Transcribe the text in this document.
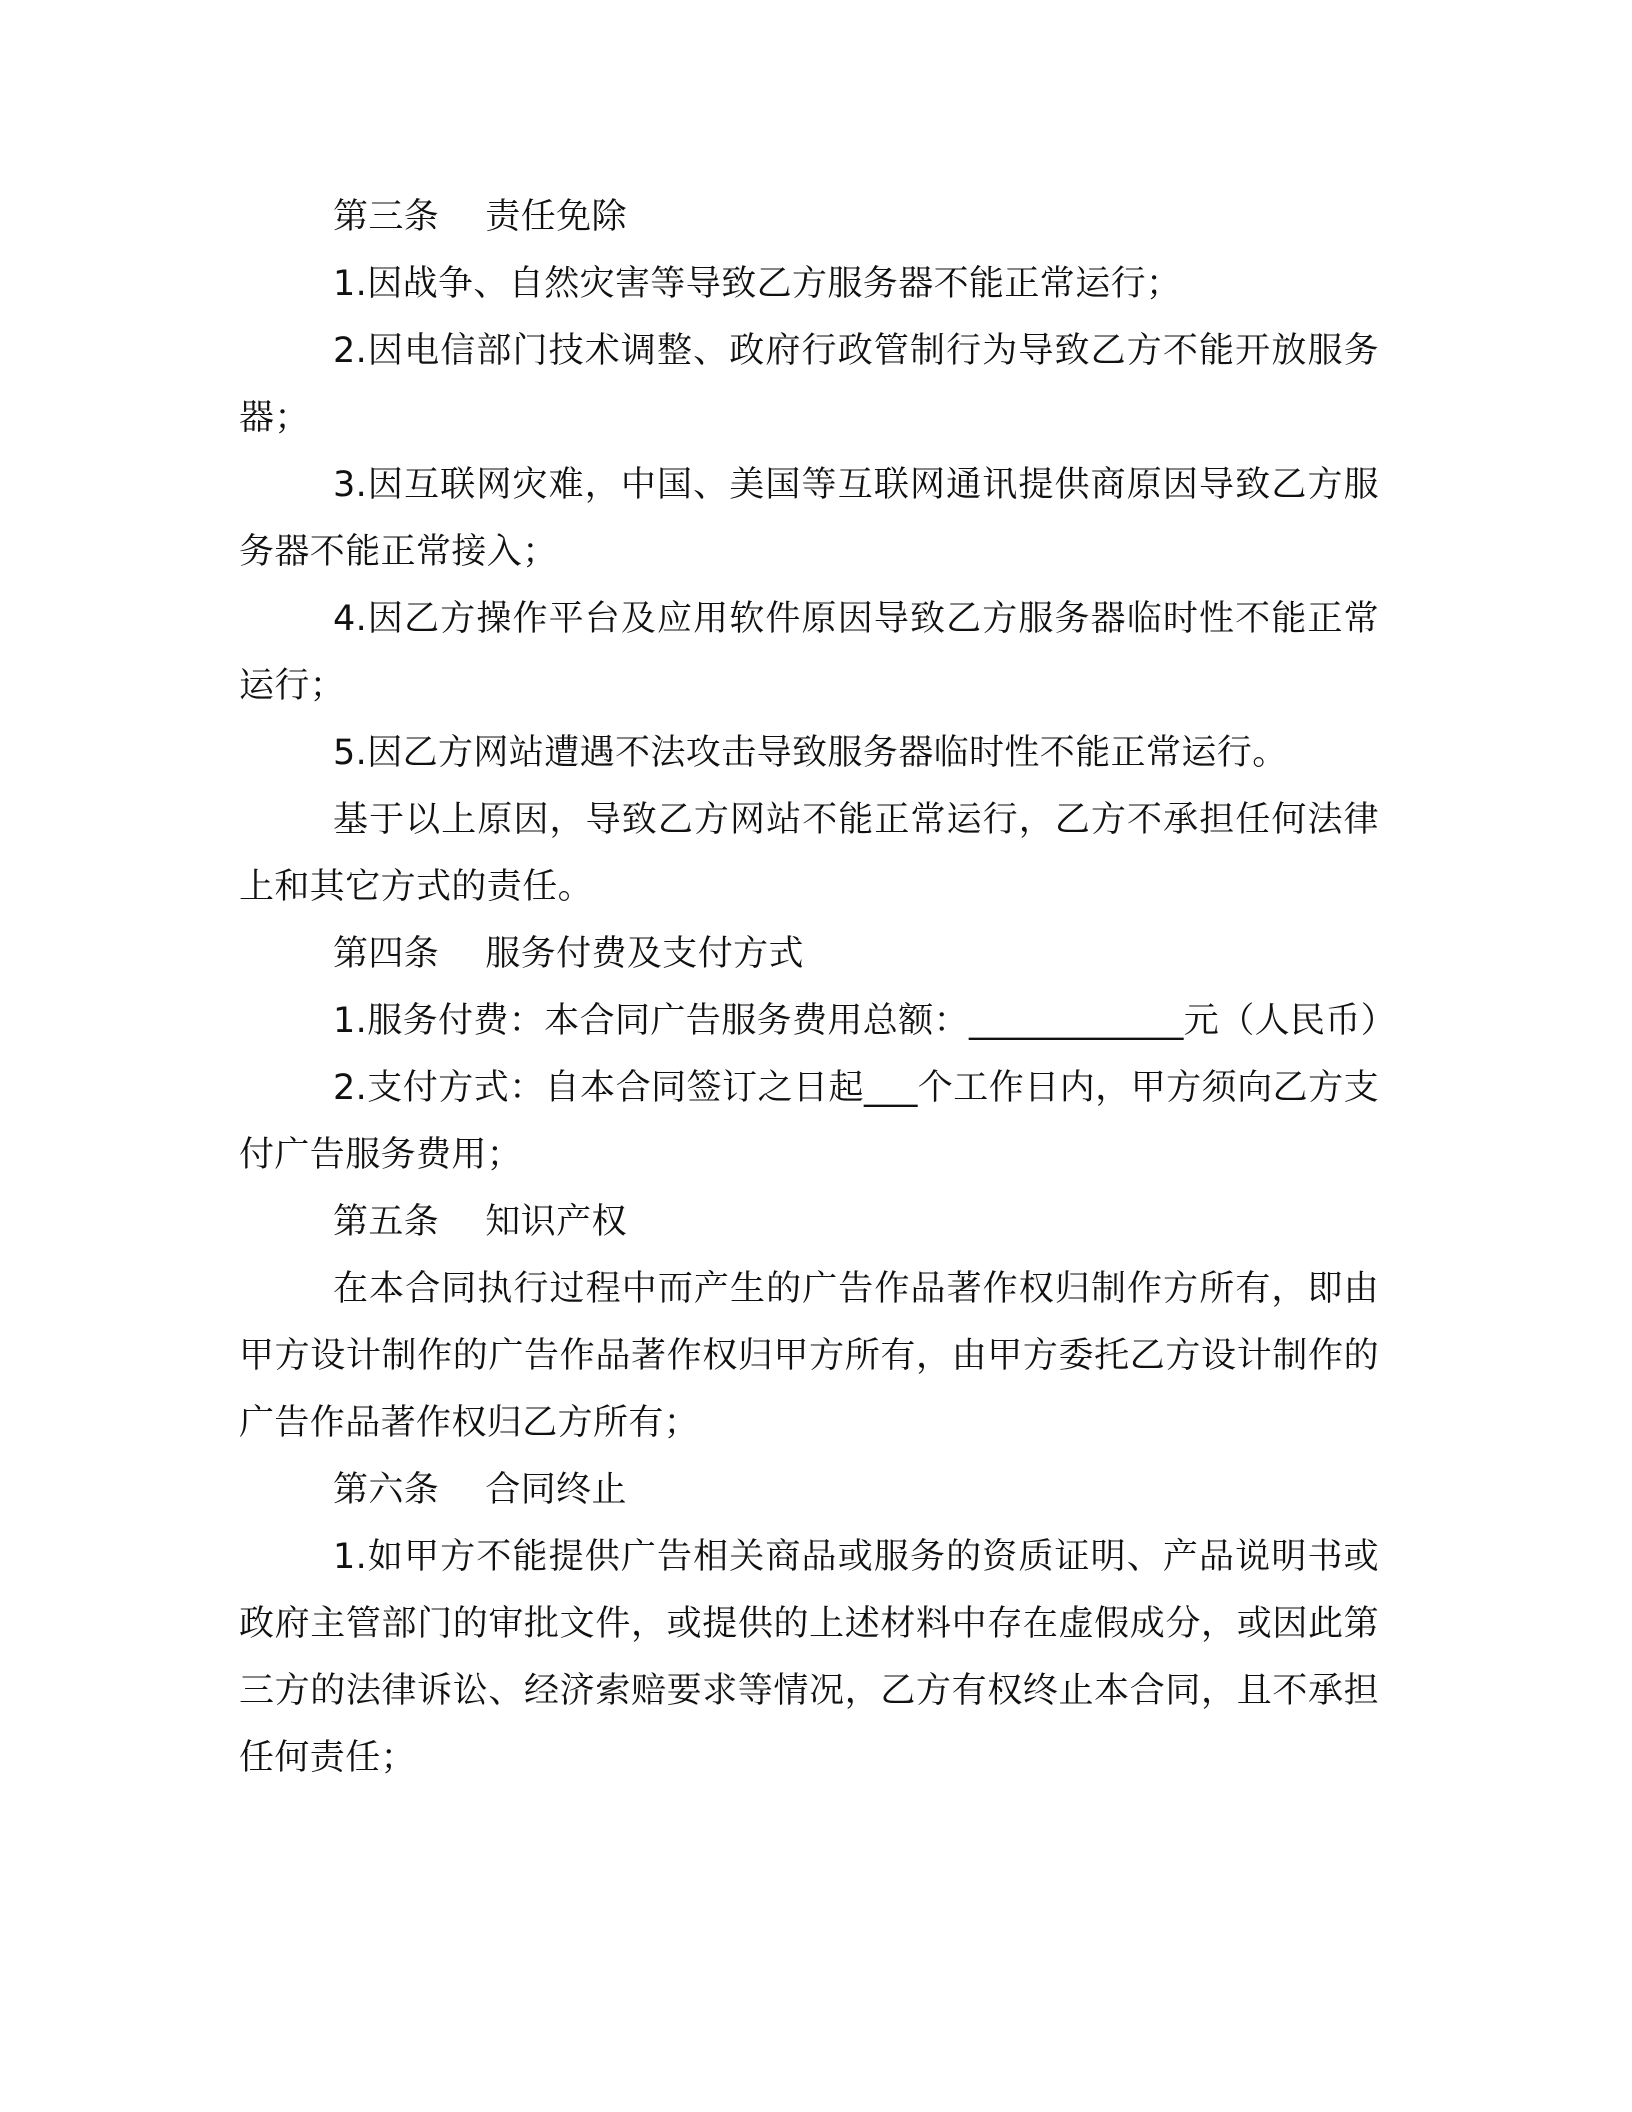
第三条    责任免除

1.因战争、自然灾害等导致乙方服务器不能正常运行；

2.因电信部门技术调整、政府行政管制行为导致乙方不能开放服务器；

3.因互联网灾难，中国、美国等互联网通讯提供商原因导致乙方服务器不能正常接入；

4.因乙方操作平台及应用软件原因导致乙方服务器临时性不能正常运行；

5.因乙方网站遭遇不法攻击导致服务器临时性不能正常运行。

基于以上原因，导致乙方网站不能正常运行，乙方不承担任何法律上和其它方式的责任。

第四条    服务付费及支付方式

1.服务付费：本合同广告服务费用总额：____________元（人民币）

2.支付方式：自本合同签订之日起___个工作日内，甲方须向乙方支付广告服务费用；

第五条    知识产权

在本合同执行过程中而产生的广告作品著作权归制作方所有，即由甲方设计制作的广告作品著作权归甲方所有，由甲方委托乙方设计制作的广告作品著作权归乙方所有；

第六条    合同终止

1.如甲方不能提供广告相关商品或服务的资质证明、产品说明书或政府主管部门的审批文件，或提供的上述材料中存在虚假成分，或因此第三方的法律诉讼、经济索赔要求等情况，乙方有权终止本合同，且不承担任何责任；
